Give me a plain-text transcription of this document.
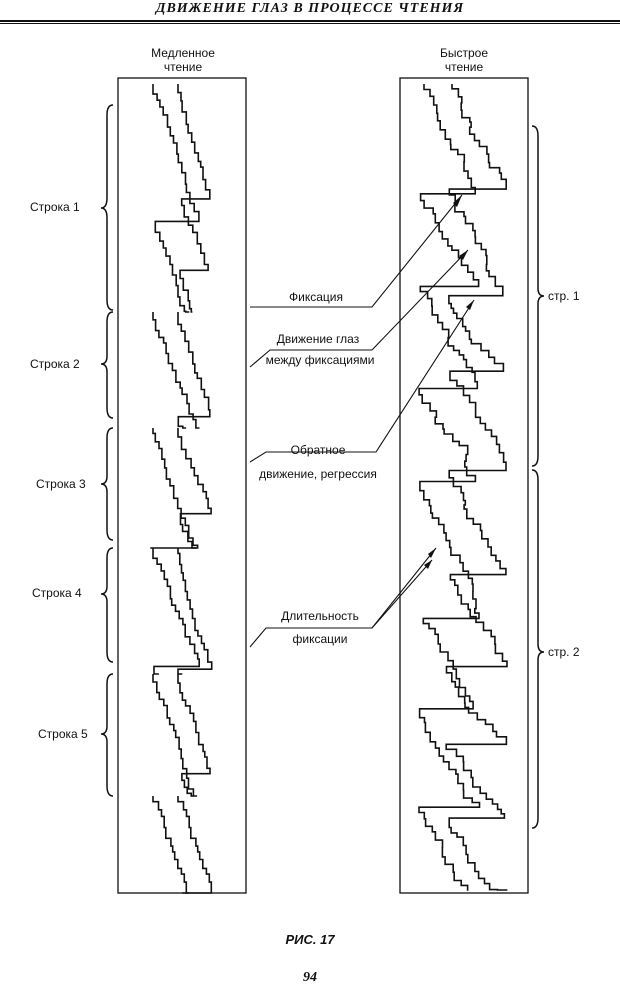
ДВИЖЕНИЕ ГЛАЗ В ПРОЦЕССЕ ЧТЕНИЯ
Медленное
чтение
Быстрое
чтение
Строка 1
Строка 2
Строка 3
Строка 4
Строка 5
стр. 1
стр. 2
Фиксация
Движение глаз
между фиксациями
Обратное
движение, регрессия
Длительность
фиксации
РИС. 17
94
